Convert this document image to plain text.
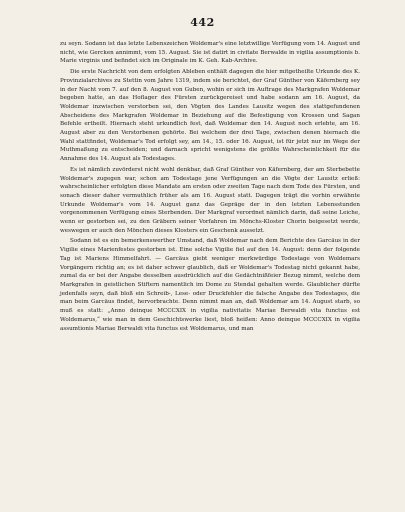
442

zu seyn. Sodann ist das letzte Lebenszeichen Woldemar's eine letztwillige Verfügung vom 14. August und nicht, wie Gercken annimmt, vom 15. August. Sie ist datirt in civitate Berwalde in vigilia assumptionis b. Marie virginis und befindet sich im Originale im K. Geh. Kab-Archive.

Die erste Nachricht von dem erfolgten Ableben enthält dagegen die hier mitgetheilte Urkunde des K. Provinzialarchives zu Stettin vom Jahre 1319, indem sie berichtet, der Graf Günther von Käfernberg sey in der Nacht vom 7. auf den 8. August von Guben, wohin er sich im Auftrage des Markgrafen Woldemar begeben hatte, an das Hoflager des Fürsten zurückgereiset und habe sodann am 16. August, da Woldemar inzwischen verstorben sei, den Vögten des Landes Lausitz wegen des stattgefundenen Abscheidens des Markgrafen Woldemar in Beziehung auf die Befestigung von Krossen und Sagan Befehle ertheilt. Hiernach steht urkundlich fest, daß Woldemar den 14. August noch erlebte, am 16. August aber zu den Verstorbenen gehörte. Bei welchem der drei Tage, zwischen denen hiernach die Wahl stattfindet, Woldemar's Tod erfolgt sey, am 14., 15. oder 16. August, ist für jetzt nur im Wege der Muthmaßung zu entscheiden; und darnach spricht wenigstens die größte Wahrscheinlichkeit für die Annahme des 14. August als Todestages.

Es ist nämlich zuvörderst nicht wohl denkbar, daß Graf Günther von Käfernberg, der am Sterbebette Woldemar's zugegen war, schon am Todestage jene Verfügungen an die Vögte der Lausitz erließ: wahrscheinlicher erfolgten diese Mandate am ersten oder zweiten Tage nach dem Tode des Fürsten, und sonach dieser daher vermuthlich früher als am 16. August statt. Dagegen trägt die vorhin erwähnte Urkunde Woldemar's vom 14. August ganz das Gepräge der in den letzten Lebensstunden vorgenommenen Verfügung eines Sterbenden. Der Markgraf verordnet nämlich darin, daß seine Leiche, wenn er gestorben sei, zu den Gräbern seiner Vorfahren im Mönchs-Kloster Chorin beigesetzt werde, weswegen er auch den Mönchen dieses Klosters ein Geschenk aussetzt.

Sodann ist es ein bemerkenswerther Umstand, daß Woldemar nach dem Berichte des Garcäus in der Vigilie eines Marienfestes gestorben ist. Eine solche Vigilie fiel auf den 14. August: denn der folgende Tag ist Mariens Himmelfahrt. — Garcäus giebt weniger merkwürdige Todestage von Woldemars Vorgängern richtig an; es ist daher schwer glaublich, daß er Woldemar's Todestag nicht gekannt habe, zumal da er bei der Angabe desselben ausdrücklich auf die Gedächtnißfeier Bezug nimmt, welche dem Markgrafen in geistlichen Stiftern namentlich im Dome zu Stendal gehalten werde. Glaublicher dürfte jedenfalls seyn, daß bloß ein Schreib-, Lese- oder Druckfehler die falsche Angabe des Todestages, die man beim Garcäus findet, hervorbrachte. Denn nimmt man an, daß Woldemar am 14. August starb, so muß es statt: „Anno deinque MCCCXIX in vigilia nativitatis Mariae Berwaldi vita functus est Woldemarus,“ wie man in dem Geschichtswerke liest, bloß heißen: Anno deinque MCCCXIX in vigilia assumtionis Mariae Berwaldi vita functus est Woldemarus, und man
